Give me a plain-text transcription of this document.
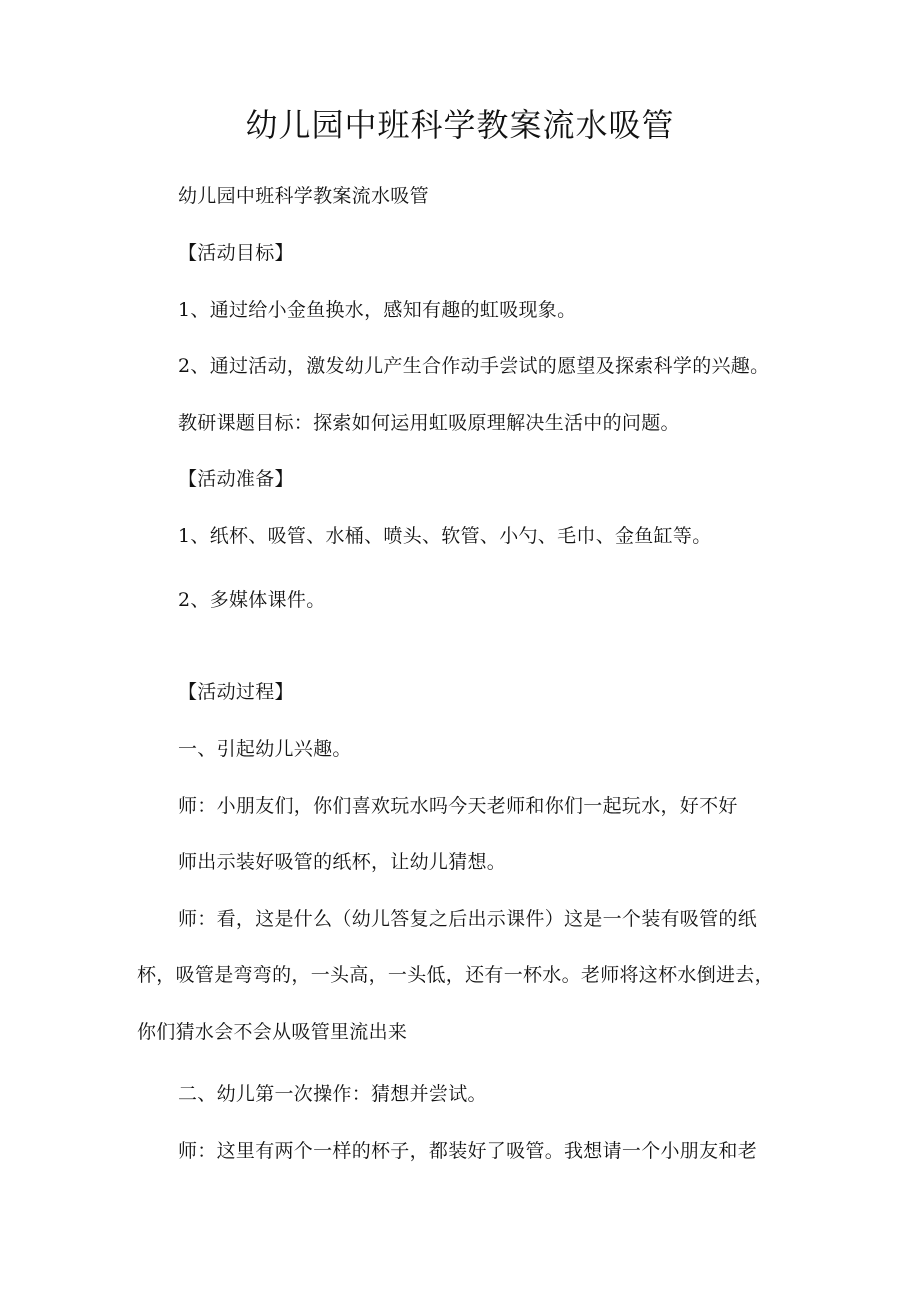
幼儿园中班科学教案流水吸管
幼儿园中班科学教案流水吸管
【活动目标】
1、通过给小金鱼换水，感知有趣的虹吸现象。
2、通过活动，激发幼儿产生合作动手尝试的愿望及探索科学的兴趣。
教研课题目标：探索如何运用虹吸原理解决生活中的问题。
【活动准备】
1、纸杯、吸管、水桶、喷头、软管、小勺、毛巾、金鱼缸等。
2、多媒体课件。
【活动过程】
一、引起幼儿兴趣。
师：小朋友们，你们喜欢玩水吗今天老师和你们一起玩水，好不好
师出示装好吸管的纸杯，让幼儿猜想。
师：看，这是什么（幼儿答复之后出示课件）这是一个装有吸管的纸
杯，吸管是弯弯的，一头高，一头低，还有一杯水。老师将这杯水倒进去，
你们猜水会不会从吸管里流出来
二、幼儿第一次操作：猜想并尝试。
师：这里有两个一样的杯子，都装好了吸管。我想请一个小朋友和老
